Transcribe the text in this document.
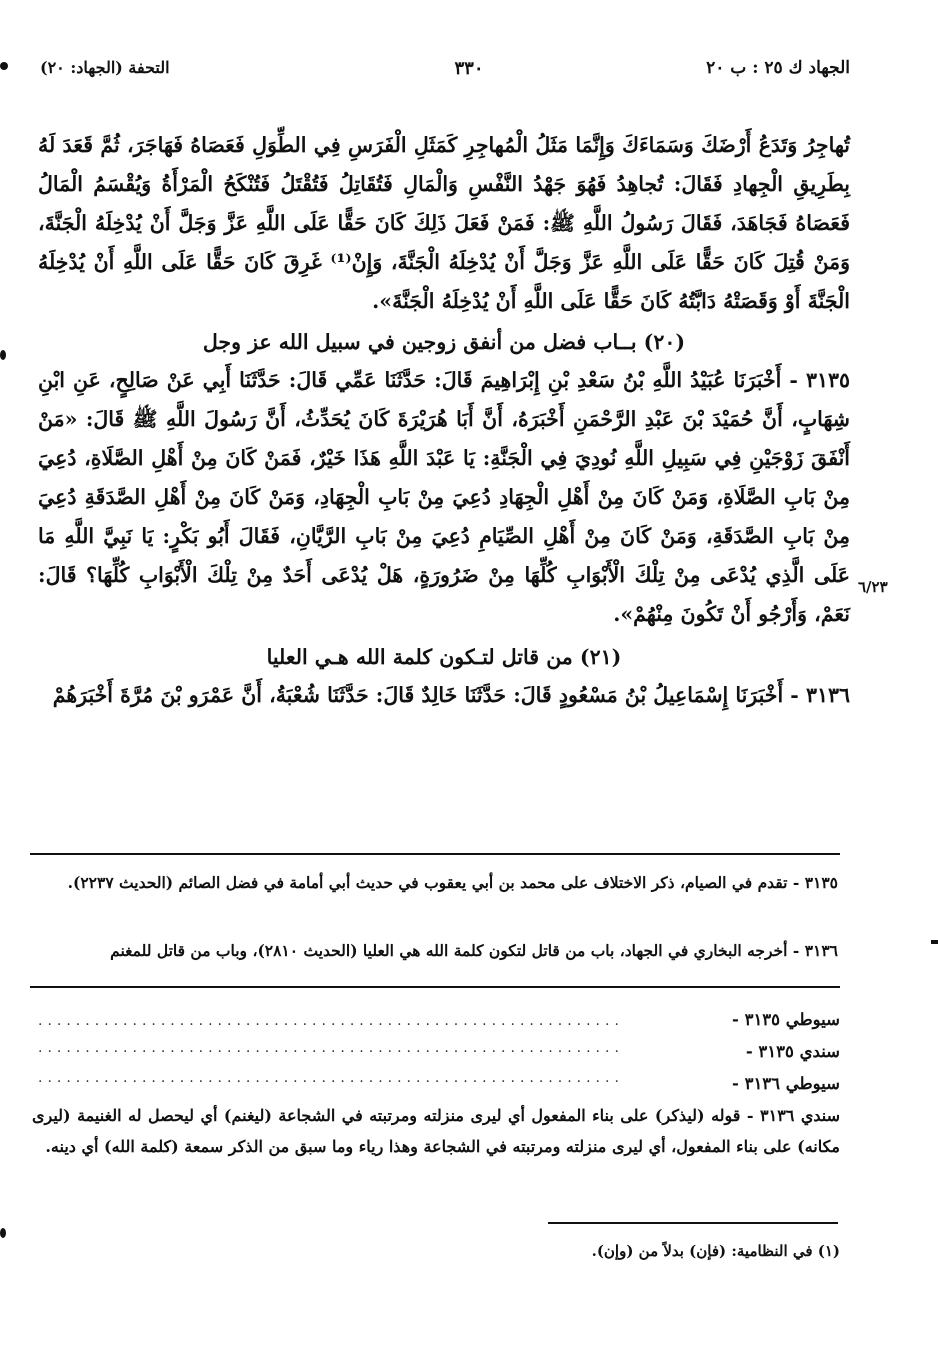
الجهاد ك ٢٥ : ب ٢٠
٣٣٠
التحفة (الجهاد: ٢٠)

تُهاجِرُ وَتَدَعُ أَرْضَكَ وَسَمَاءَكَ وَإِنَّمَا مَثَلُ الْمُهاجِرِ كَمَثَلِ الْفَرَسِ فِي الطِّوَلِ فَعَصَاهُ فَهَاجَرَ، ثُمَّ قَعَدَ لَهُ بِطَرِيقِ الْجِهادِ فَقَالَ: تُجاهِدُ فَهُوَ جَهْدُ النَّفْسِ وَالْمَالِ فَتُقَاتِلُ فَتُقْتَلُ فَتُنْكَحُ الْمَرْأَةُ وَيُقْسَمُ الْمَالُ فَعَصَاهُ فَجَاهَدَ، فَقَالَ رَسُولُ اللَّهِ ﷺ: فَمَنْ فَعَلَ ذَلِكَ كَانَ حَقًّا عَلَى اللَّهِ عَزَّ وَجَلَّ أَنْ يُدْخِلَهُ الْجَنَّةَ، وَمَنْ قُتِلَ كَانَ حَقًّا عَلَى اللَّهِ عَزَّ وَجَلَّ أَنْ يُدْخِلَهُ الْجَنَّةَ، وَإِنْ⁽¹⁾ غَرِقَ كَانَ حَقًّا عَلَى اللَّهِ أَنْ يُدْخِلَهُ الْجَنَّةَ أَوْ وَقَصَتْهُ دَابَّتُهُ كَانَ حَقًّا عَلَى اللَّهِ أَنْ يُدْخِلَهُ الْجَنَّةَ».

(٢٠) بــاب فضل من أنفق زوجين في سبيل الله عز وجل

٣١٣٥ - أَخْبَرَنَا عُبَيْدُ اللَّهِ بْنُ سَعْدِ بْنِ إِبْرَاهِيمَ قَالَ: حَدَّثَنَا عَمِّي قَالَ: حَدَّثَنَا أَبِي عَنْ صَالِحٍ، عَنِ ابْنِ شِهَابٍ، أَنَّ حُمَيْدَ بْنَ عَبْدِ الرَّحْمَنِ أَخْبَرَهُ، أَنَّ أَبَا هُرَيْرَةَ كَانَ يُحَدِّثُ، أَنَّ رَسُولَ اللَّهِ ﷺ قَالَ: «مَنْ أَنْفَقَ زَوْجَيْنِ فِي سَبِيلِ اللَّهِ نُودِيَ فِي الْجَنَّةِ: يَا عَبْدَ اللَّهِ هَذَا خَيْرٌ، فَمَنْ كَانَ مِنْ أَهْلِ الصَّلَاةِ، دُعِيَ مِنْ بَابِ الصَّلَاةِ، وَمَنْ كَانَ مِنْ أَهْلِ الْجِهَادِ دُعِيَ مِنْ بَابِ الْجِهَادِ، وَمَنْ كَانَ مِنْ أَهْلِ الصَّدَقَةِ دُعِيَ مِنْ بَابِ الصَّدَقَةِ، وَمَنْ كَانَ مِنْ أَهْلِ الصِّيَامِ دُعِيَ مِنْ بَابِ الرَّيَّانِ، فَقَالَ أَبُو بَكْرٍ: يَا نَبِيَّ اللَّهِ مَا عَلَى الَّذِي يُدْعَى مِنْ تِلْكَ الْأَبْوَابِ كُلِّهَا مِنْ ضَرُورَةٍ، هَلْ يُدْعَى أَحَدٌ مِنْ تِلْكَ الْأَبْوَابِ كُلِّهَا؟ قَالَ: نَعَمْ، وَأَرْجُو أَنْ تَكُونَ مِنْهُمْ».

(٢١) من قاتل لتـكون كلمة الله هـي العليا

٣١٣٦ - أَخْبَرَنَا إِسْمَاعِيلُ بْنُ مَسْعُودٍ قَالَ: حَدَّثَنَا خَالِدٌ قَالَ: حَدَّثَنَا شُعْبَةُ، أَنَّ عَمْرَو بْنَ مُرَّةَ أَخْبَرَهُمْ

٦/٢٣
٣١٣٥ - تقدم في الصيام، ذكر الاختلاف على محمد بن أبي يعقوب في حديث أبي أمامة في فضل الصائم (الحديث ٢٢٣٧).
٣١٣٦ - أخرجه البخاري في الجهاد، باب من قاتل لتكون كلمة الله هي العليا (الحديث ٢٨١٠)، وباب من قاتل للمغنم
سيوطي ٣١٣٥ -
..............................................................
سندي ٣١٣٥ -
..............................................................
سيوطي ٣١٣٦ -
..............................................................
سندي ٣١٣٦ - قوله (ليذكر) على بناء المفعول أي ليرى منزلته ومرتبته في الشجاعة (ليغنم) أي ليحصل له الغنيمة (ليرى مكانه) على بناء المفعول، أي ليرى منزلته ومرتبته في الشجاعة وهذا رياء وما سبق من الذكر سمعة (كلمة الله) أي دينه.
(١) في النظامية: (فإن) بدلاً من (وإن).
